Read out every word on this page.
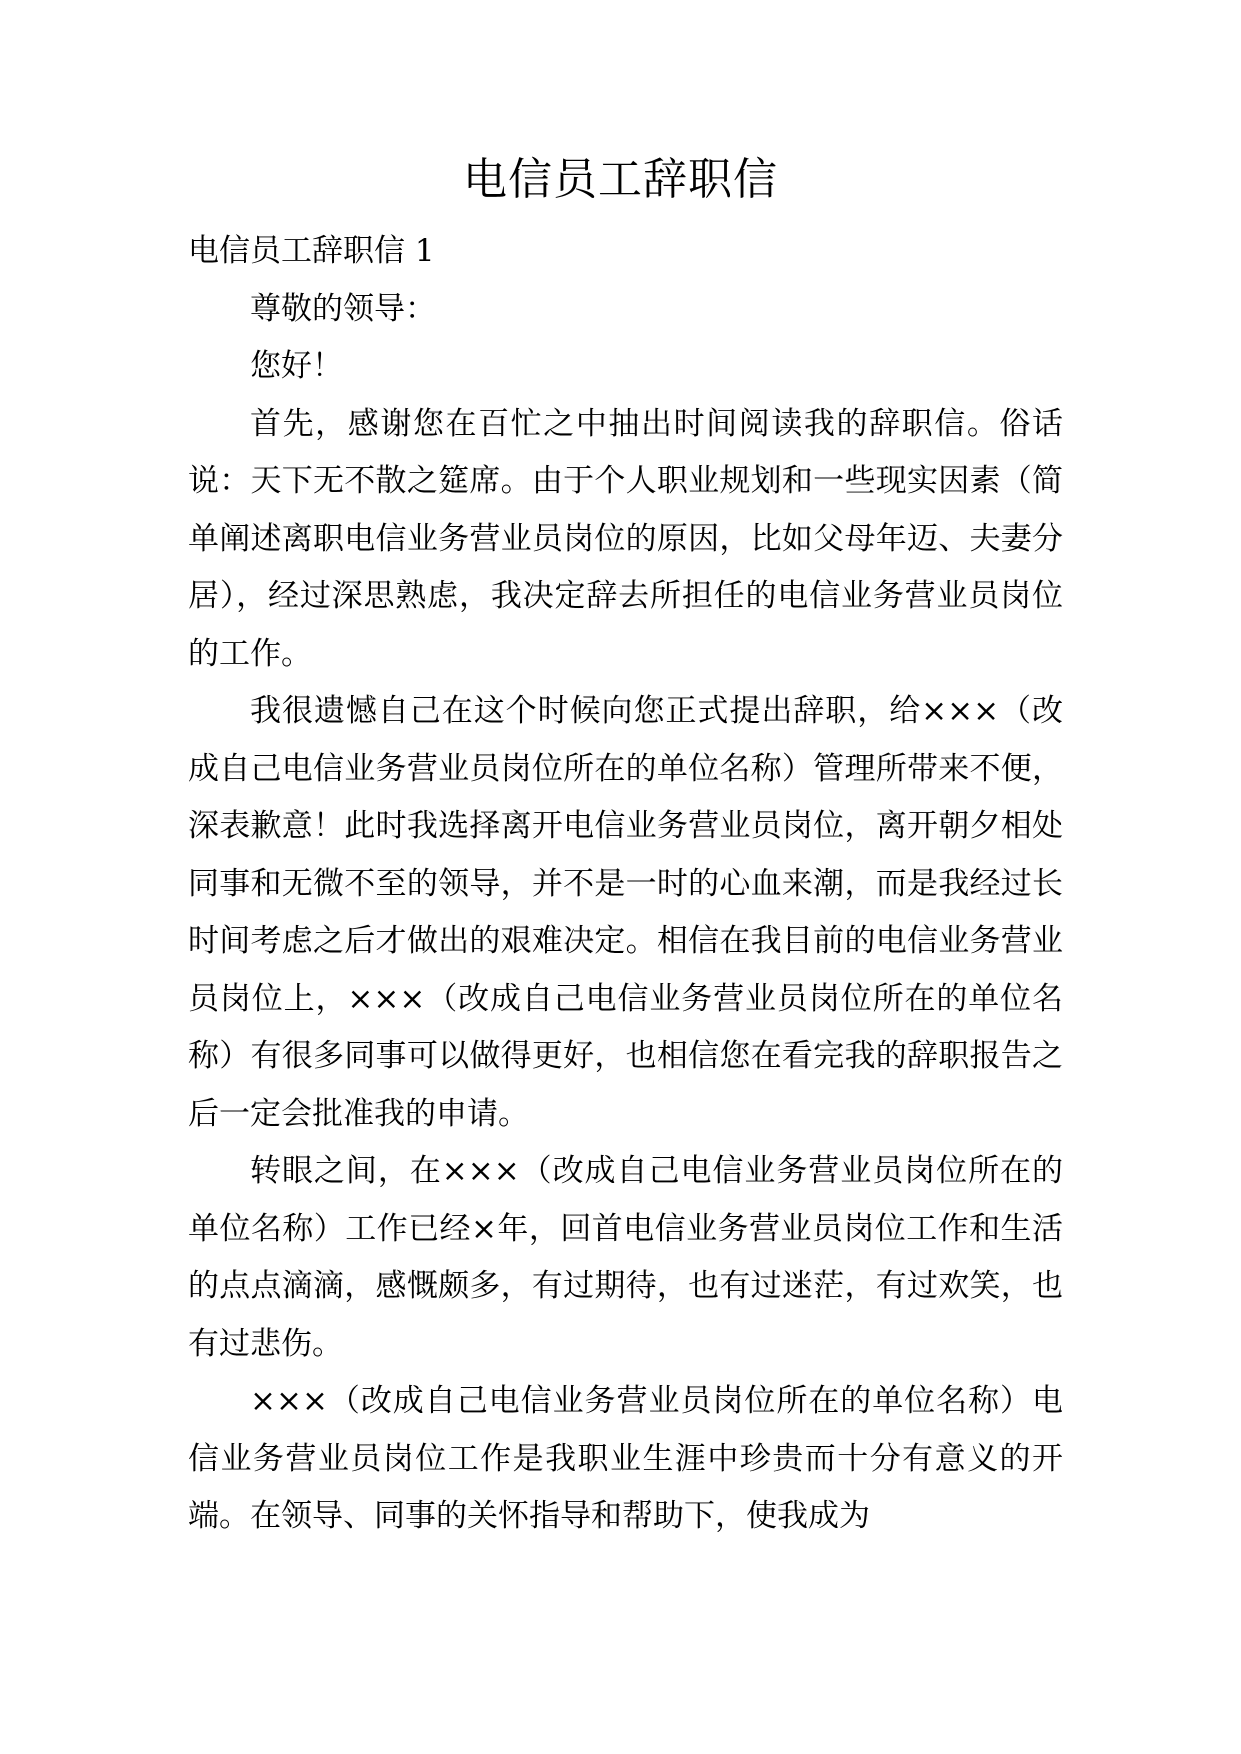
电信员工辞职信

电信员工辞职信 1

尊敬的领导：

您好！

首先，感谢您在百忙之中抽出时间阅读我的辞职信。俗话说：天下无不散之筵席。由于个人职业规划和一些现实因素（简单阐述离职电信业务营业员岗位的原因，比如父母年迈、夫妻分居），经过深思熟虑，我决定辞去所担任的电信业务营业员岗位的工作。

我很遗憾自己在这个时候向您正式提出辞职，给×××（改成自己电信业务营业员岗位所在的单位名称）管理所带来不便，深表歉意！此时我选择离开电信业务营业员岗位，离开朝夕相处同事和无微不至的领导，并不是一时的心血来潮，而是我经过长时间考虑之后才做出的艰难决定。相信在我目前的电信业务营业员岗位上，×××（改成自己电信业务营业员岗位所在的单位名称）有很多同事可以做得更好，也相信您在看完我的辞职报告之后一定会批准我的申请。

转眼之间，在×××（改成自己电信业务营业员岗位所在的单位名称）工作已经×年，回首电信业务营业员岗位工作和生活的点点滴滴，感慨颇多，有过期待，也有过迷茫，有过欢笑，也有过悲伤。

×××（改成自己电信业务营业员岗位所在的单位名称）电信业务营业员岗位工作是我职业生涯中珍贵而十分有意义的开端。在领导、同事的关怀指导和帮助下，使我成为
